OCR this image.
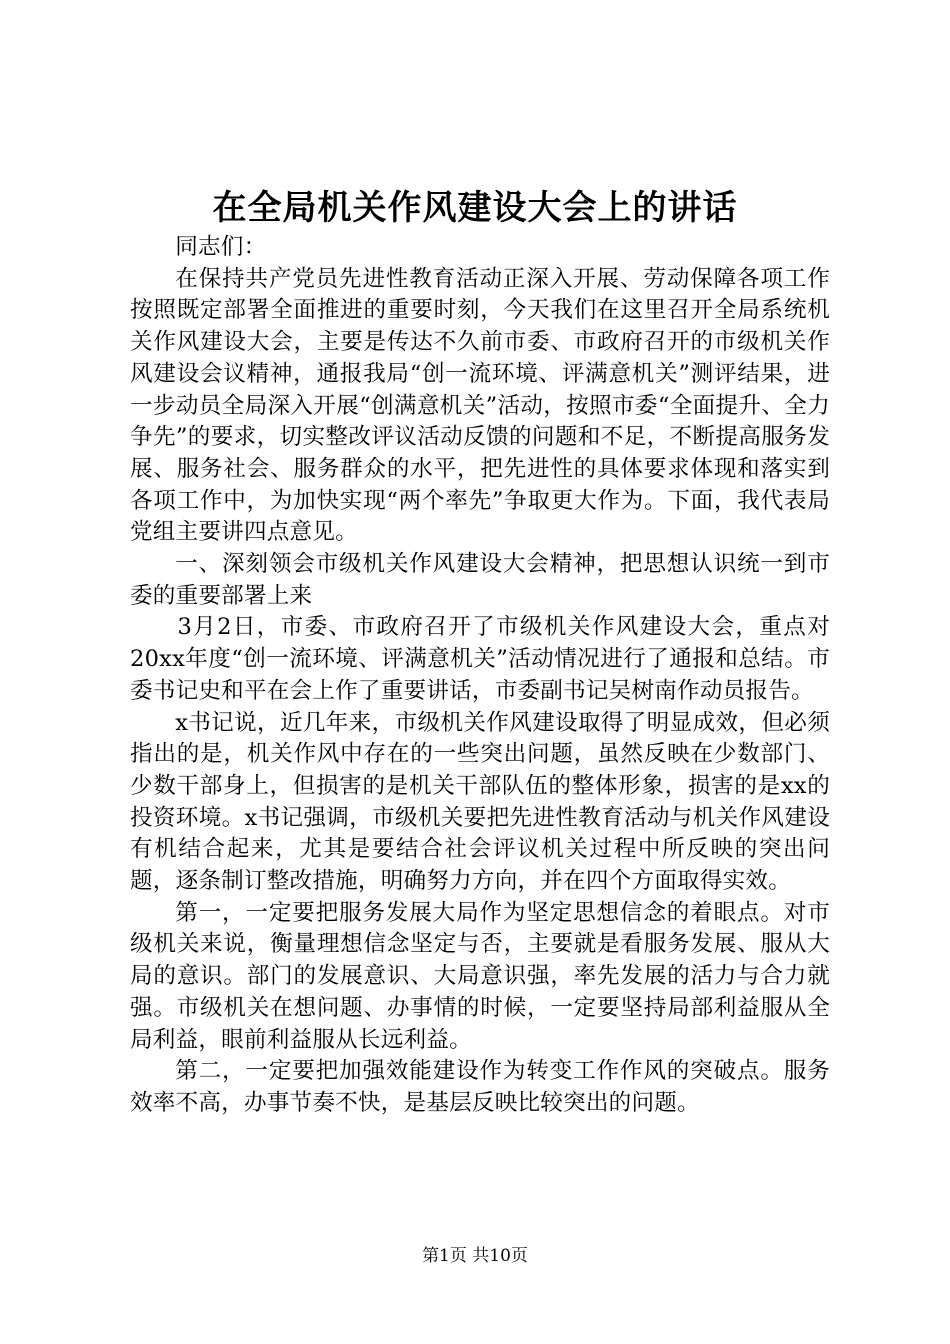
在全局机关作风建设大会上的讲话

同志们：

在保持共产党员先进性教育活动正深入开展、劳动保障各项工作按照既定部署全面推进的重要时刻，今天我们在这里召开全局系统机关作风建设大会，主要是传达不久前市委、市政府召开的市级机关作风建设会议精神，通报我局“创一流环境、评满意机关”测评结果，进一步动员全局深入开展“创满意机关”活动，按照市委“全面提升、全力争先”的要求，切实整改评议活动反馈的问题和不足，不断提高服务发展、服务社会、服务群众的水平，把先进性的具体要求体现和落实到各项工作中，为加快实现“两个率先”争取更大作为。下面，我代表局党组主要讲四点意见。

一、深刻领会市级机关作风建设大会精神，把思想认识统一到市委的重要部署上来

3月2日，市委、市政府召开了市级机关作风建设大会，重点对20xx年度“创一流环境、评满意机关”活动情况进行了通报和总结。市委书记史和平在会上作了重要讲话，市委副书记吴树南作动员报告。

x书记说，近几年来，市级机关作风建设取得了明显成效，但必须指出的是，机关作风中存在的一些突出问题，虽然反映在少数部门、少数干部身上，但损害的是机关干部队伍的整体形象，损害的是xx的投资环境。x书记强调，市级机关要把先进性教育活动与机关作风建设有机结合起来，尤其是要结合社会评议机关过程中所反映的突出问题，逐条制订整改措施，明确努力方向，并在四个方面取得实效。

第一，一定要把服务发展大局作为坚定思想信念的着眼点。对市级机关来说，衡量理想信念坚定与否，主要就是看服务发展、服从大局的意识。部门的发展意识、大局意识强，率先发展的活力与合力就强。市级机关在想问题、办事情的时候，一定要坚持局部利益服从全局利益，眼前利益服从长远利益。

第二，一定要把加强效能建设作为转变工作作风的突破点。服务效率不高，办事节奏不快，是基层反映比较突出的问题。

第1页 共10页
